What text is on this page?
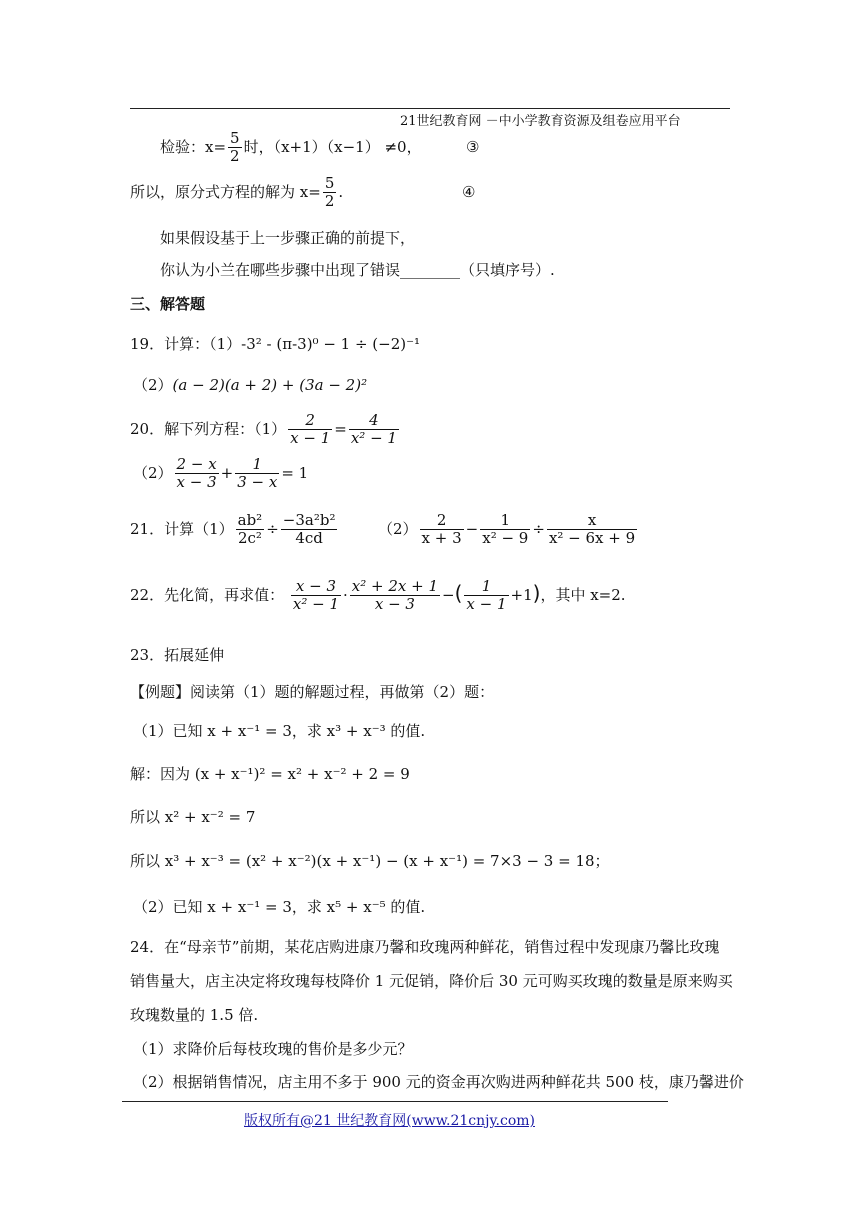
21世纪教育网 －中小学教育资源及组卷应用平台
检验：$x= \frac{5}{2}$ 时，（x+1）（x−1） ≠0，	③
所以，原分式方程的解为 $x= \frac{5}{2}$ .	④
如果假设基于上一步骤正确的前提下，
你认为小兰在哪些步骤中出现了错误________（只填序号）.
三、解答题
19．计算：（1）-3² - (π-3)⁰ − 1 ÷ (−2)⁻¹
（2）(a − 2)(a + 2) + (3a − 2)²
20．解下列方程：$(1) \frac{2}{x - 1} = \frac{4}{\text{x² − 1}}$
$(2) \frac{2 - x}{x - 3} + \frac{1}{3 - x} = 1$
21．计算$(1) \frac{\text{ab²}}{\text{2c²}} \div \frac{\text{−3a²b²}}{4cd}$	$(2) \frac{2}{x + 3} - \frac{1}{\text{x² − 9}} \div \frac{x}{\text{x² − 6x + 9}}$
22．先化简，再求值： $\frac{x - 3}{\text{x² − 1}} \cdot \frac{\text{x² + 2x + 1}}{x - 3}$ −( $\frac{1}{x - 1} +1$)，其中 x=2.
23．拓展延伸
【例题】阅读第（1）题的解题过程，再做第（2）题：
（1）已知 x + x⁻¹ = 3，求 x³ + x⁻³ 的值.
解：因为 (x + x⁻¹)² = x² + x⁻² + 2 = 9
所以 x² + x⁻² = 7
所以 x³ + x⁻³ = (x² + x⁻²)(x + x⁻¹) − (x + x⁻¹) = 7×3 − 3 = 18；
（2）已知 x + x⁻¹ = 3，求 x⁵ + x⁻⁵ 的值.
24．在“母亲节”前期，某花店购进康乃馨和玫瑰两种鲜花，销售过程中发现康乃馨比玫瑰
销售量大，店主决定将玫瑰每枝降价 1 元促销，降价后 30 元可购买玫瑰的数量是原来购买
玫瑰数量的 1.5 倍.
（1）求降价后每枝玫瑰的售价是多少元？
（2）根据销售情况，店主用不多于 900 元的资金再次购进两种鲜花共 500 枝，康乃馨进价
版权所有@21 世纪教育网(www.21cnjy.com)
